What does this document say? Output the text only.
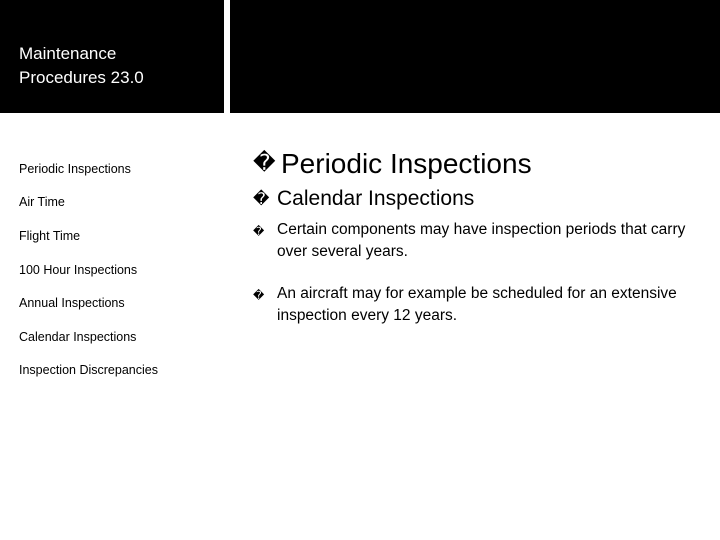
Maintenance
Procedures 23.0
Periodic Inspections
Air Time
Flight Time
100 Hour Inspections
Annual Inspections
Calendar Inspections
Inspection Discrepancies
� Periodic Inspections
� Calendar Inspections
� Certain components may have inspection periods that carry over several years.
� An aircraft may for example be scheduled for an extensive inspection every 12 years.
